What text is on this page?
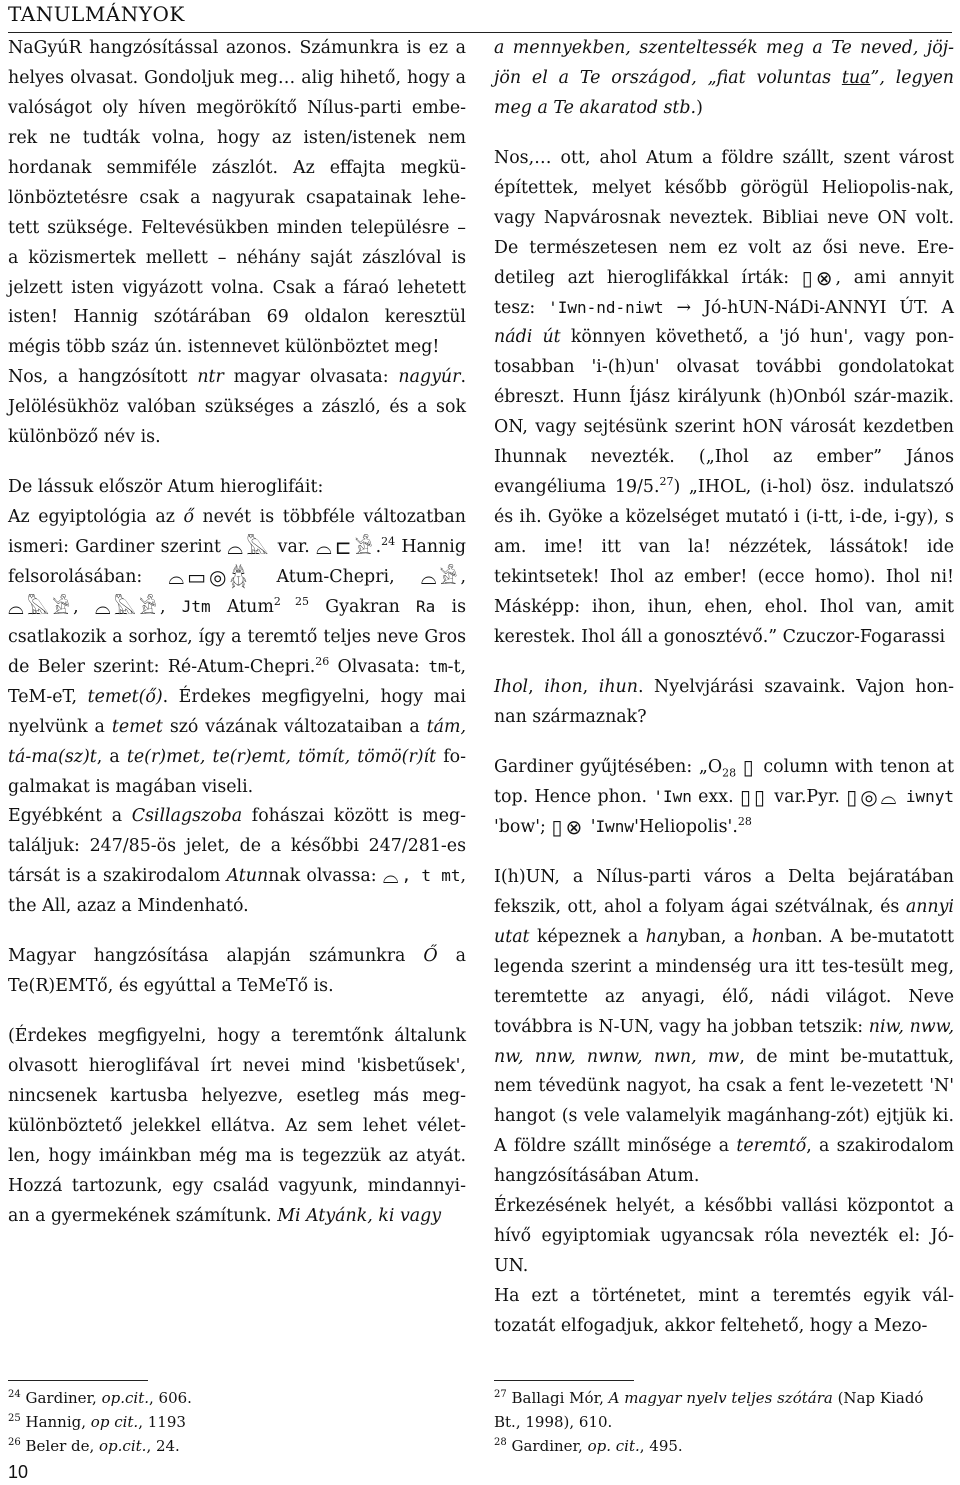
TANULMÁNYOK

NaGyúR hangzósítással azonos. Számunkra is ez a helyes olvasat. Gondoljuk meg… alig hihető, hogy a valóságot oly híven megörökítő Nílus-parti embe-rek ne tudták volna, hogy az isten/istenek nem hordanak semmiféle zászlót. Az effajta megkü-lönböztetésre csak a nagyurak csapatainak lehe-tett szüksége. Feltevésükben minden településre – a közismertek mellett – néhány saját zászlóval is jelzett isten vigyázott volna. Csak a fáraó lehetett isten! Hannig szótárában 69 oldalon keresztül mégis több száz ún. istennevet különböztet meg!

Nos, a hangzósított ntr magyar olvasata: nagyúr. Jelölésükhöz valóban szükséges a zászló, és a sok különböző név is.

De lássuk először Atum hieroglifáit:

Az egyiptológia az ő nevét is többféle változatban ismeri: Gardiner szerint ⌓𓅓 var. ⌓⊏𓀀.$^{24}$ Hannig felsorolásában: ⌓▭◎𓆣 Atum-Chepri, ⌓𓀀, ⌓𓅓𓀀, ⌓𓅓𓀀, Jtm Atum$^{2 25}$ Gyakran Ra is csatlakozik a sorhoz, így a teremtő teljes neve Gros de Beler szerint: Ré-Atum-Chepri.$^{26}$ Olvasata: tm-t, TeM-eT, temet(ő). Érdekes megfigyelni, hogy mai nyelvünk a temet szó vázának változataiban a tám, tá-ma(sz)t, a te(r)met, te(r)emt, tömít, tömö(r)ít fo-galmakat is magában viseli.

Egyébként a Csillagszoba fohászai között is meg-találjuk: 247/85-ös jelet, de a későbbi 247/281-es társát is a szakirodalom Atunnak olvassa: ⌓, t mt, the All, azaz a Mindenható.

Magyar hangzósítása alapján számunkra Ő a Te(R)EMTő, és egyúttal a TeMeTő is.

(Érdekes megfigyelni, hogy a teremtőnk általunk olvasott hieroglifával írt nevei mind 'kisbetűsek', nincsenek kartusba helyezve, esetleg más meg-különböztető jelekkel ellátva. Az sem lehet vélet-len, hogy imáinkban még ma is tegezzük az atyát. Hozzá tartozunk, egy család vagyunk, mindannyi-an a gyermekének számítunk. Mi Atyánk, ki vagy

a mennyekben, szenteltessék meg a Te neved, jöj-jön el a Te országod, „fiat voluntas tua”, legyen meg a Te akaratod stb.)

Nos,… ott, ahol Atum a földre szállt, szent várost építettek, melyet később görögül Heliopolis-nak, vagy Napvárosnak neveztek. Bibliai neve ON volt. De természetesen nem ez volt az ősi neve. Ere-detileg azt hieroglifákkal írták: ▯⊗, ami annyit tesz: 'Iwn-nd-niwt → Jó-hUN-NáDi-ANNYI ÚT. A nádi út könnyen követhető, a 'jó hun', vagy pon-tosabban 'i-(h)un' olvasat további gondolatokat ébreszt. Hunn Íjász királyunk (h)Onból szár-mazik. ON, vagy sejtésünk szerint hON városát kezdetben Ihunnak nevezték. („Ihol az ember” János evangéliuma 19/5.27) „IHOL, (i-hol) ösz. indulatszó és ih. Gyöke a közelséget mutató i (i-tt, i-de, i-gy), s am. ime! itt van la! nézzétek, lássátok! ide tekintsetek! Ihol az ember! (ecce homo). Ihol ni! Másképp: ihon, ihun, ehen, ehol. Ihol van, amit kerestek. Ihol áll a gonosztévő.” Czuczor-Fogarassi

Ihol, ihon, ihun. Nyelvjárási szavaink. Vajon hon-nan származnak?

Gardiner gyűjtésében: $„O_{28}$ ▯ column with tenon at top. Hence phon. 'Iwn exx. ▯▯ var.Pyr. ▯◎⌓ iwnyt 'bow'; ▯⊗ 'Iwnw'Heliopolis'.$^{28}$

I(h)UN, a Nílus-parti város a Delta bejáratában fekszik, ott, ahol a folyam ágai szétválnak, és annyi utat képeznek a hanyban, a honban. A be-mutatott legenda szerint a mindenség ura itt tes-tesült meg, teremtette az anyagi, élő, nádi világot. Neve továbbra is N-UN, vagy ha jobban tetszik: niw, nww, nw, nnw, nwnw, nwn, mw, de mint be-mutattuk, nem tévedünk nagyot, ha csak a fent le-vezetett 'N' hangot (s vele valamelyik magánhang-zót) ejtjük ki. A földre szállt minősége a teremtő, a szakirodalom hangzósításában Atum.

Érkezésének helyét, a későbbi vallási központot a hívő egyiptomiak ugyancsak róla nevezték el: Jó-UN.

Ha ezt a történetet, mint a teremtés egyik vál-tozatát elfogadjuk, akkor feltehető, hogy a Mezo-

$^{24}$ Gardiner, op.cit., 606.

$^{25}$ Hannig, op cit., 1193

$^{26}$ Beler de, op.cit., 24.

$^{27}$ Ballagi Mór, A magyar nyelv teljes szótára (Nap Kiadó Bt., 1998), 610.

$^{28}$ Gardiner, op. cit., 495.

10
